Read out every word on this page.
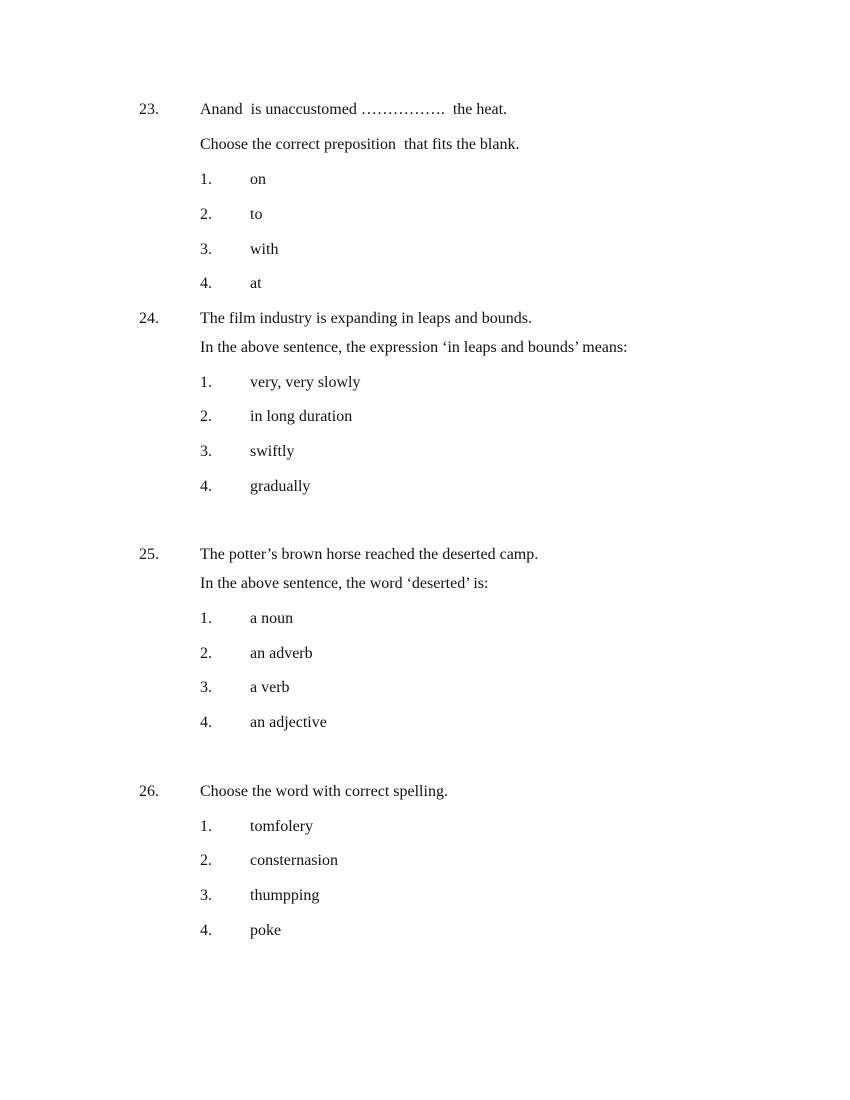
23.	Anand  is unaccustomed …………….  the heat.
Choose the correct preposition  that fits the blank.
1. on
2. to
3. with
4. at
24.	The film industry is expanding in leaps and bounds.
In the above sentence, the expression ‘in leaps and bounds’ means:
1. very, very slowly
2. in long duration
3. swiftly
4. gradually
25.	The potter’s brown horse reached the deserted camp.
In the above sentence, the word ‘deserted’ is:
1. a noun
2. an adverb
3. a verb
4. an adjective
26.	Choose the word with correct spelling.
1. tomfolery
2. consternasion
3. thumpping
4. poke
